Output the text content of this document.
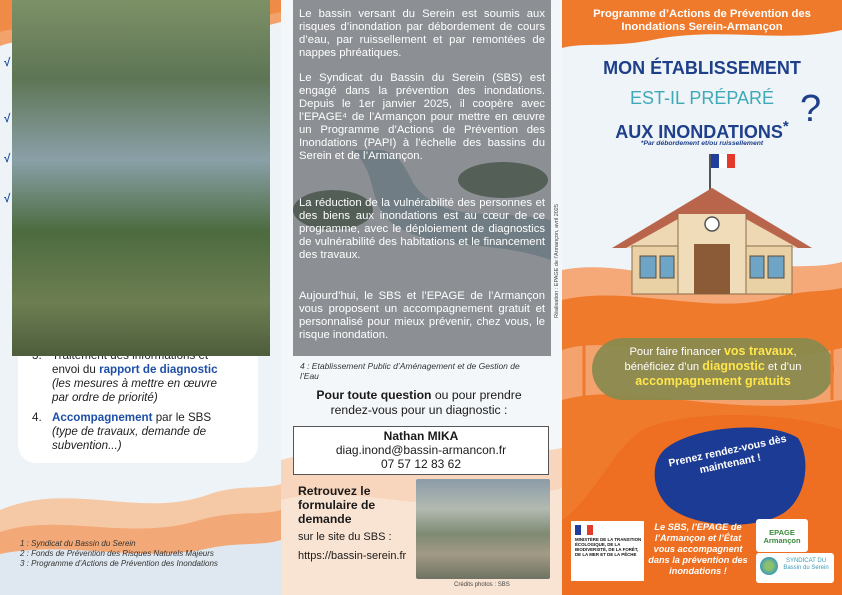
√
√
√
√
envoi du rapport de diagnostic
(les mesures à mettre en œuvre
par ordre de priorité)
4. Accompagnement par le SBS
(type de travaux, demande de
subvention...)
1 : Syndicat du Bassin du Serein
2 : Fonds de Prévention des Risques Naturels Majeurs
3 : Programme d’Actions de Prévention des Inondations
Le bassin versant du Serein est soumis aux risques d’inondation par débordement de cours d’eau, par ruissellement et par remontées de nappes phréatiques.
Le Syndicat du Bassin du Serein (SBS) est engagé dans la prévention des inondations. Depuis le 1er janvier 2025, il coopère avec l’EPAGE⁴ de l’Armançon pour mettre en œuvre un Programme d’Actions de Prévention des Inondations (PAPI) à l’échelle des bassins du Serein et de l’Armançon.
La réduction de la vulnérabilité des personnes et des biens aux inondations est au cœur de ce programme, avec le déploiement de diagnostics de vulnérabilité des habitations et le financement des travaux.
Aujourd’hui, le SBS et l’EPAGE de l’Armançon vous proposent un accompagnement gratuit et personnalisé pour mieux prévenir, chez vous, le risque inondation.
Réalisation : EPAGE de l’Armançon, avril 2025
4 : Etablissement Public d’Aménagement et de Gestion de l’Eau
Pour toute question ou pour prendre
rendez-vous pour un diagnostic :
Nathan MIKA
diag.inond@bassin-armancon.fr
07 57 12 83 62
Retrouvez le formulaire de demande
sur le site du SBS :
https://bassin-serein.fr
Crédits photos : SBS
Programme d’Actions de Prévention des Inondations Serein-Armançon
MON ÉTABLISSEMENT
EST-IL PRÉPARÉ
AUX INONDATIONS* ?
*Par débordement et/ou ruissellement
Pour faire financer vos travaux,
bénéficiez d’un diagnostic et d’un
accompagnement gratuits
Prenez rendez-vous dès maintenant !
MINISTÈRE DE LA TRANSITION ÉCOLOGIQUE, DE LA BIODIVERSITÉ, DE LA FORÊT, DE LA MER ET DE LA PÊCHE
Le SBS, l’EPAGE de l’Armançon et l’État vous accompagnent dans la prévention des inondations !
EPAGE
Armançon
SYNDICAT DU
Bassin du Serein
